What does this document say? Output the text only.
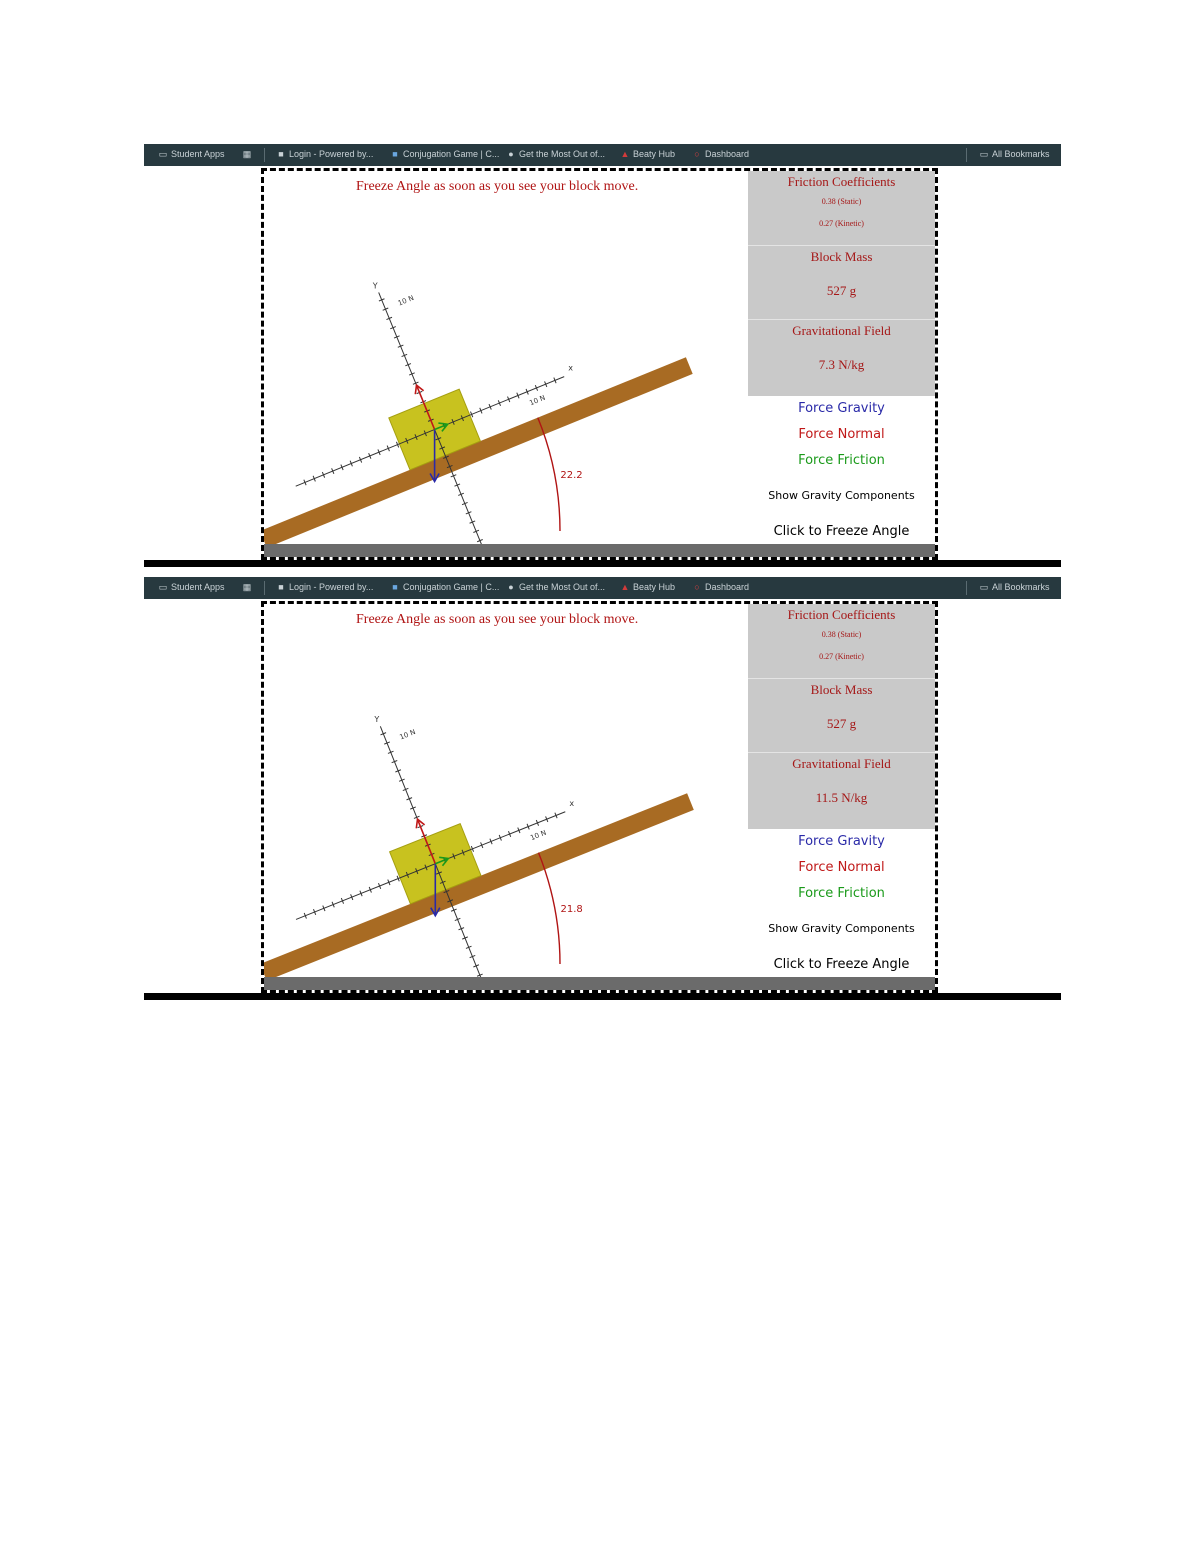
▭ Student Apps ▦	■ Login - Powered by... ■ Conjugation Game | C... ● Get the Most Out of... ▲ Beaty Hub ○ Dashboard	▭ All Bookmarks
Y
x
10 N
10 N
22.2
Freeze Angle as soon as you see your block move.	Friction Coefficients
0.38 (Static)
0.27 (Kinetic)
Block Mass
527 g
Gravitational Field
7.3 N/kg
Force Gravity
Force Normal
Force Friction
Show Gravity Components
Click to Freeze Angle
▭ Student Apps ▦	■ Login - Powered by... ■ Conjugation Game | C... ● Get the Most Out of... ▲ Beaty Hub ○ Dashboard	▭ All Bookmarks
Y
x
10 N
10 N
21.8
Freeze Angle as soon as you see your block move.	Friction Coefficients
0.38 (Static)
0.27 (Kinetic)
Block Mass
527 g
Gravitational Field
11.5 N/kg
Force Gravity
Force Normal
Force Friction
Show Gravity Components
Click to Freeze Angle
